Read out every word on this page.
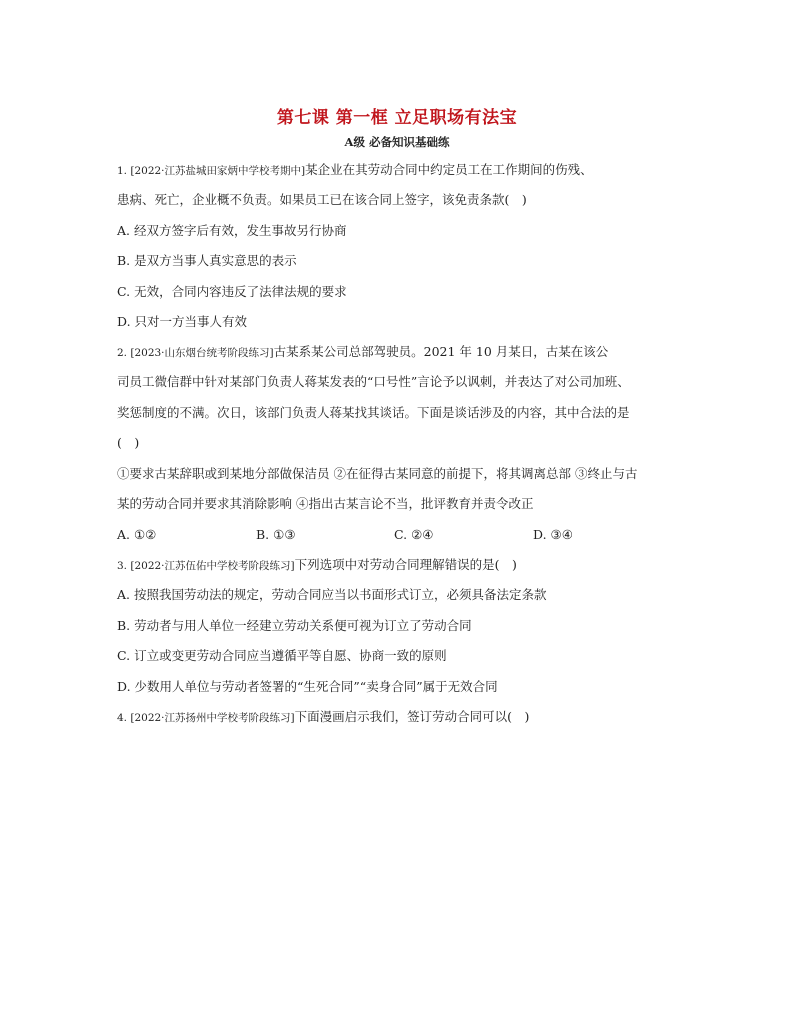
第七课 第一框 立足职场有法宝
A级 必备知识基础练
1. [2022·江苏盐城田家炳中学校考期中]某企业在其劳动合同中约定员工在工作期间的伤残、
患病、死亡，企业概不负责。如果员工已在该合同上签字，该免责条款(　)
A. 经双方签字后有效，发生事故另行协商
B. 是双方当事人真实意思的表示
C. 无效，合同内容违反了法律法规的要求
D. 只对一方当事人有效
2. [2023·山东烟台统考阶段练习]古某系某公司总部驾驶员。2021 年 10 月某日，古某在该公
司员工微信群中针对某部门负责人蒋某发表的“口号性”言论予以讽刺，并表达了对公司加班、
奖惩制度的不满。次日，该部门负责人蒋某找其谈话。下面是谈话涉及的内容，其中合法的是
(　)
①要求古某辞职或到某地分部做保洁员 ②在征得古某同意的前提下，将其调离总部 ③终止与古
某的劳动合同并要求其消除影响 ④指出古某言论不当，批评教育并责令改正
A. ①②	B. ①③	C. ②④	D. ③④
3. [2022·江苏伍佑中学校考阶段练习]下列选项中对劳动合同理解错误的是(　)
A. 按照我国劳动法的规定，劳动合同应当以书面形式订立，必须具备法定条款
B. 劳动者与用人单位一经建立劳动关系便可视为订立了劳动合同
C. 订立或变更劳动合同应当遵循平等自愿、协商一致的原则
D. 少数用人单位与劳动者签署的“生死合同”“卖身合同”属于无效合同
4. [2022·江苏扬州中学校考阶段练习]下面漫画启示我们，签订劳动合同可以(　)
